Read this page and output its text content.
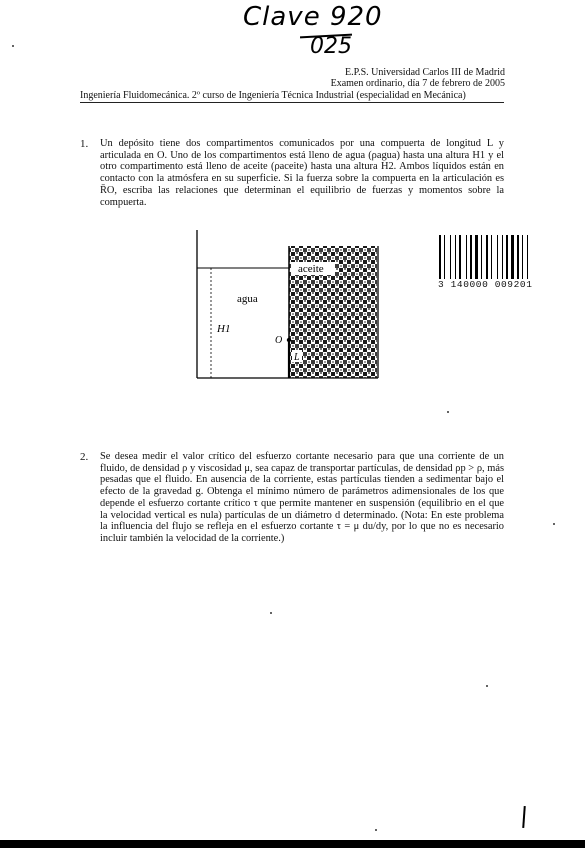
Clave 920
025
E.P.S. Universidad Carlos III de Madrid
Examen ordinario, día 7 de febrero de 2005
Ingeniería Fluidomecánica. 2º curso de Ingeniería Técnica Industrial (especialidad en Mecánica)
1. Un depósito tiene dos compartimentos comunicados por una compuerta de longitud L y articulada en O. Uno de los compartimentos está lleno de agua (ρagua) hasta una altura H1 y el otro compartimento está lleno de aceite (ρaceite) hasta una altura H2. Ambos líquidos están en contacto con la atmósfera en su superficie. Si la fuerza sobre la compuerta en la articulación es R̄O, escriba las relaciones que determinan el equilibrio de fuerzas y momentos sobre la compuerta.
agua
aceite
H1
O
L
3 140000 009201
2. Se desea medir el valor crítico del esfuerzo cortante necesario para que una corriente de un fluido, de densidad ρ y viscosidad μ, sea capaz de transportar partículas, de densidad ρp > ρ, más pesadas que el fluido. En ausencia de la corriente, estas partículas tienden a sedimentar bajo el efecto de la gravedad g. Obtenga el mínimo número de parámetros adimensionales de los que depende el esfuerzo cortante crítico τ que permite mantener en suspensión (equilibrio en el que la velocidad vertical es nula) partículas de un diámetro d determinado. (Nota: En este problema la influencia del flujo se refleja en el esfuerzo cortante τ = μ du/dy, por lo que no es necesario incluir también la velocidad de la corriente.)
